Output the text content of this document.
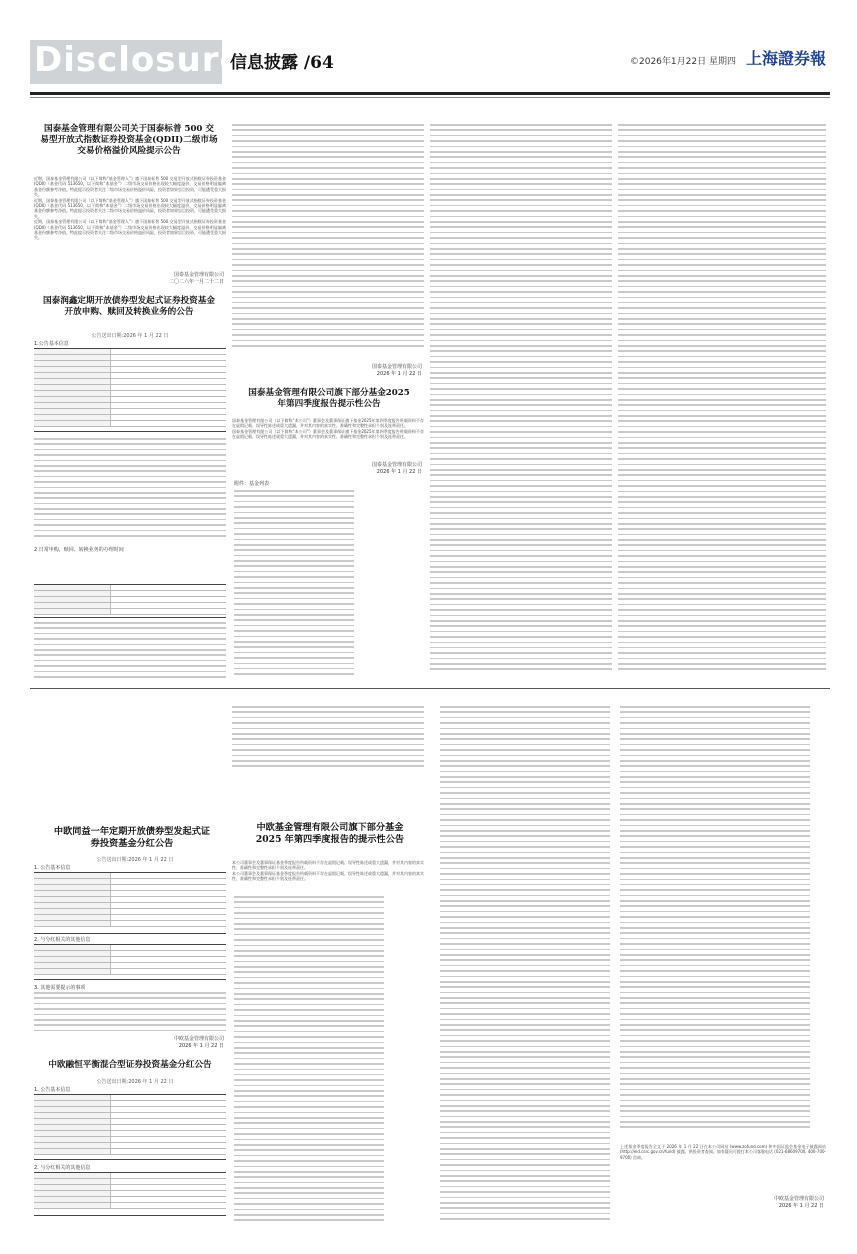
Disclosure
信息披露 /64	©2026年1月22日 星期四 上海證券報
国泰基金管理有限公司关于国泰标普 500 交易型开放式指数证券投资基金(QDII)二级市场交易价格溢价风险提示公告
近期，国泰基金管理有限公司（以下简称“基金管理人”）旗下国泰标普 500 交易型开放式指数证券投资基金(QDII)（基金代码 513650，以下简称“本基金”）二级市场交易价格出现较大幅度溢价，交易价格明显偏离基金份额参考净值。特此提示投资者关注二级市场交易价格溢价风险，投资者如果盲目投资，可能遭受重大损失。
近期，国泰基金管理有限公司（以下简称“基金管理人”）旗下国泰标普 500 交易型开放式指数证券投资基金(QDII)（基金代码 513650，以下简称“本基金”）二级市场交易价格出现较大幅度溢价，交易价格明显偏离基金份额参考净值。特此提示投资者关注二级市场交易价格溢价风险，投资者如果盲目投资，可能遭受重大损失。
近期，国泰基金管理有限公司（以下简称“基金管理人”）旗下国泰标普 500 交易型开放式指数证券投资基金(QDII)（基金代码 513650，以下简称“本基金”）二级市场交易价格出现较大幅度溢价，交易价格明显偏离基金份额参考净值。特此提示投资者关注二级市场交易价格溢价风险，投资者如果盲目投资，可能遭受重大损失。
国泰基金管理有限公司
二〇二六年一月二十二日
国泰润鑫定期开放债券型发起式证券投资基金开放申购、赎回及转换业务的公告
公告送出日期:2026 年 1 月 22 日
1.公告基本信息
2 日常申购、赎回、转换业务的办理时间
国泰基金管理有限公司
2026 年 1 月 22 日
国泰基金管理有限公司旗下部分基金2025 年第四季度报告提示性公告
国泰基金管理有限公司（以下简称“本公司”）董事会及董事保证旗下基金2025年第四季度报告所载资料不存在虚假记载、误导性陈述或重大遗漏，并对其内容的真实性、准确性和完整性承担个别及连带责任。
国泰基金管理有限公司（以下简称“本公司”）董事会及董事保证旗下基金2025年第四季度报告所载资料不存在虚假记载、误导性陈述或重大遗漏，并对其内容的真实性、准确性和完整性承担个别及连带责任。
国泰基金管理有限公司
2026 年 1 月 22 日
附件：基金列表
中欧同益一年定期开放债券型发起式证券投资基金分红公告
公告送出日期:2026 年 1 月 22 日
1. 公告基本信息
2. 与分红相关的其他信息
3. 其他需要提示的事项
中欧基金管理有限公司
2026 年 1 月 22 日
中欧融恒平衡混合型证券投资基金分红公告
公告送出日期:2026 年 1 月 22 日
1. 公告基本信息
2. 与分红相关的其他信息
中欧基金管理有限公司旗下部分基金 2025 年第四季度报告的提示性公告
本公司董事会及董事保证基金季度报告所载资料不存在虚假记载、误导性陈述或重大遗漏，并对其内容的真实性、准确性和完整性承担个别及连带责任。
本公司董事会及董事保证基金季度报告所载资料不存在虚假记载、误导性陈述或重大遗漏，并对其内容的真实性、准确性和完整性承担个别及连带责任。
上述基金季度报告全文于 2026 年 1 月 22 日在本公司网站 (www.zofund.com) 和中国证监会基金电子披露网站 (http://eid.csrc.gov.cn/fund) 披露，供投资者查阅。如有疑问可拨打本公司客服电话 (021-68609700, 400-700-9700) 咨询。
中欧基金管理有限公司
2026 年 1 月 22 日
